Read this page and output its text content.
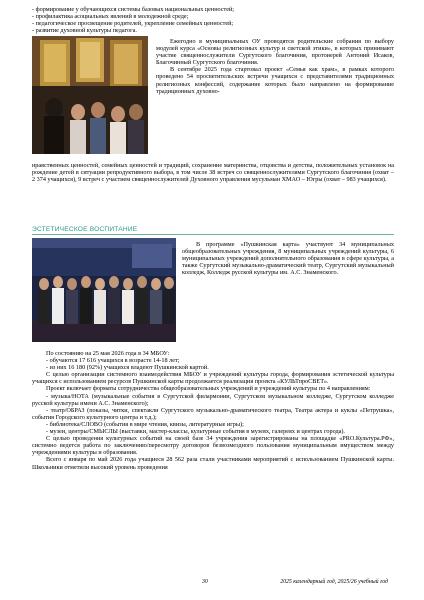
- формирование у обучающихся системы базовых национальных ценностей;

- профилактика асоциальных явлений в молодежной среде;

- педагогическое просвещение родителей, укрепление семейных ценностей;

- развитие духовной культуры педагога.

Ежегодно в муниципальных ОУ проводятся родительские собрания по выбору модулей курса «Основы религиозных культур и светской этики», в которых принимают участие священнослужители Сургутского благочиния, протоиерей Антоний Исаков, Благочинный Сургутского благочиния.

В сентябре 2025 года стартовал проект «Семья как храм», в рамках которого проведено 54 просветительских встречи учащихся с представителями традиционных религиозных конфессий, содержание которых было направлено на формирование традиционных духовно-

нравственных ценностей, семейных ценностей и традиций, сохранение материнства, отцовства и детства, положительных установок на рождение детей в ситуации репродуктивного выбора, в том числе 38 встреч со священнослужителями Сургутского благочиния (охват – 2 374 учащихся), 9 встреч с участием священнослужителей Духовного управления мусульман ХМАО – Югры (охват – 983 учащихся).

ЭСТЕТИЧЕСКОЕ ВОСПИТАНИЕ

В программе «Пушкинская карта» участвуют 34 муниципальных общеобразовательных учреждения, 8 муниципальных учреждений культуры, 6 муниципальных учреждений дополнительного образования в сфере культуры, а также Сургутский музыкально-драматический театр, Сургутский музыкальный колледж, Колледж русской культуры им. А.С. Знаменского.

По состоянию на 25 мая 2026 года в 34 МБОУ:

- обучаются 17 616 учащихся в возрасте 14-18 лет;

- из них 16 180 (92%) учащихся владеют Пушкинской картой.

С целью организации системного взаимодействия МБОУ и учреждений культуры города, формирования эстетической культуры учащихся с использованием ресурсов Пушкинской карты продолжается реализация проекта «КУЛЬТпроСВЕТ».

Проект включает форматы сотрудничества общеобразовательных учреждений и учреждений культуры по 4 направлениям:

- музыка/НОТА (музыкальные события в Сургутской филармонии, Сургутском музыкальном колледже, Сургутском колледже русской культуры имени А.С. Знаменского);

- театр/ОБРАЗ (показы, читки, спектакли Сургутского музыкально-драматического театра, Театра актера и куклы «Петрушка», события Городского культурного центра и т.д.);

- библиотека/СЛОВО (события в мире чтения, квизы, литературные игры);

- музеи, центры/СМЫСЛЫ (выставки, мастер-классы, культурные события в музеях, галереях и центрах города).

С целью проведения культурных событий на своей базе 34 учреждения зарегистрированы на площадке «PRO.Культура.РФ», системно ведется работа по заключению/пересмотру договоров безвозмездного пользования муниципальным имуществом между учреждениями культуры и образования.

Всего с января по май 2026 года учащиеся 28 562 раза стали участниками мероприятий с использованием Пушкинской карты. Школьники отметили высокий уровень проведения

30	2025 календарный год, 2025/26 учебный год
